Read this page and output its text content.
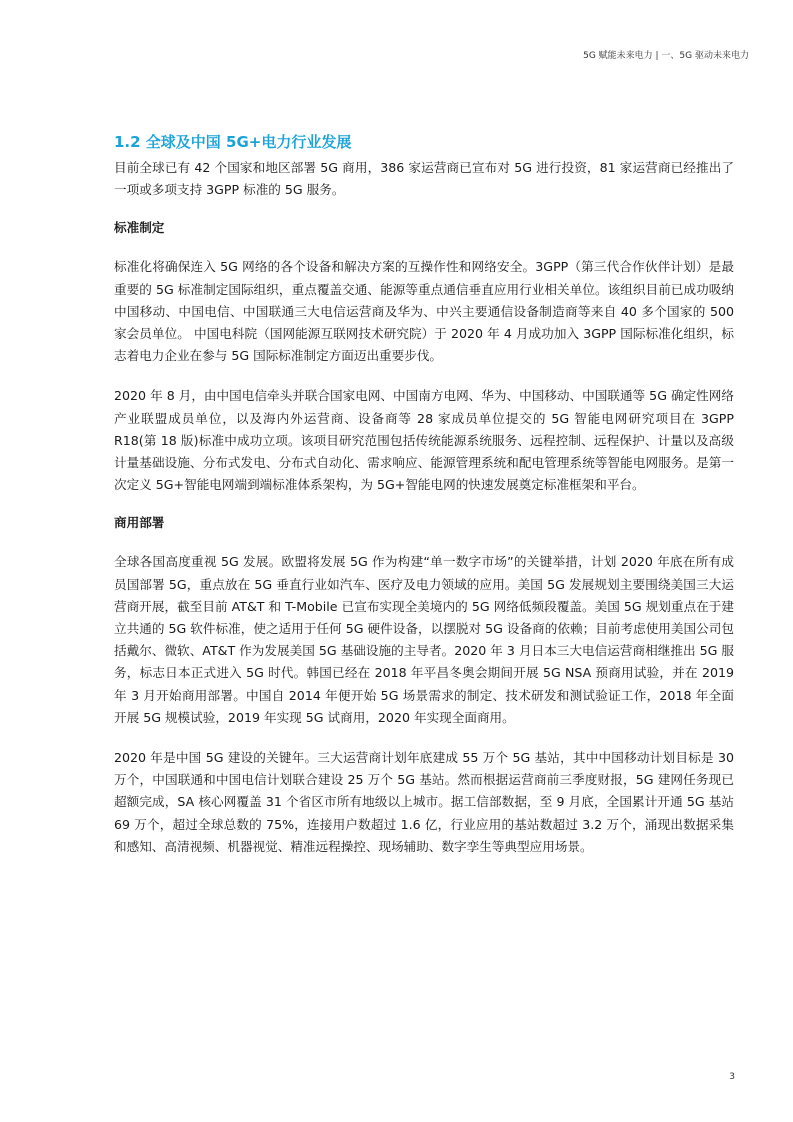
5G 赋能未来电力 | 一、5G 驱动未来电力
1.2 全球及中国 5G+电力行业发展

目前全球已有 42 个国家和地区部署 5G 商用，386 家运营商已宣布对 5G 进行投资，81 家运营商已经推出了一项或多项支持 3GPP 标准的 5G 服务。

标准制定

标准化将确保连入 5G 网络的各个设备和解决方案的互操作性和网络安全。3GPP（第三代合作伙伴计划）是最重要的 5G 标准制定国际组织，重点覆盖交通、能源等重点通信垂直应用行业相关单位。该组织目前已成功吸纳中国移动、中国电信、中国联通三大电信运营商及华为、中兴主要通信设备制造商等来自 40 多个国家的 500 家会员单位。 中国电科院（国网能源互联网技术研究院）于 2020 年 4 月成功加入 3GPP 国际标准化组织，标志着电力企业在参与 5G 国际标准制定方面迈出重要步伐。

2020 年 8 月，由中国电信牵头并联合国家电网、中国南方电网、华为、中国移动、中国联通等 5G 确定性网络产业联盟成员单位，以及海内外运营商、设备商等 28 家成员单位提交的 5G 智能电网研究项目在 3GPP R18(第 18 版)标准中成功立项。该项目研究范围包括传统能源系统服务、远程控制、远程保护、计量以及高级计量基础设施、分布式发电、分布式自动化、需求响应、能源管理系统和配电管理系统等智能电网服务。是第一次定义 5G+智能电网端到端标准体系架构，为 5G+智能电网的快速发展奠定标准框架和平台。

商用部署

全球各国高度重视 5G 发展。欧盟将发展 5G 作为构建“单一数字市场”的关键举措，计划 2020 年底在所有成员国部署 5G，重点放在 5G 垂直行业如汽车、医疗及电力领域的应用。美国 5G 发展规划主要围绕美国三大运营商开展，截至目前 AT&T 和 T-Mobile 已宣布实现全美境内的 5G 网络低频段覆盖。美国 5G 规划重点在于建立共通的 5G 软件标准，使之适用于任何 5G 硬件设备，以摆脱对 5G 设备商的依赖；目前考虑使用美国公司包括戴尔、微软、AT&T 作为发展美国 5G 基础设施的主导者。2020 年 3 月日本三大电信运营商相继推出 5G 服务，标志日本正式进入 5G 时代。韩国已经在 2018 年平昌冬奥会期间开展 5G NSA 预商用试验，并在 2019 年 3 月开始商用部署。中国自 2014 年便开始 5G 场景需求的制定、技术研发和测试验证工作，2018 年全面开展 5G 规模试验，2019 年实现 5G 试商用，2020 年实现全面商用。

2020 年是中国 5G 建设的关键年。三大运营商计划年底建成 55 万个 5G 基站，其中中国移动计划目标是 30 万个，中国联通和中国电信计划联合建设 25 万个 5G 基站。然而根据运营商前三季度财报，5G 建网任务现已超额完成，SA 核心网覆盖 31 个省区市所有地级以上城市。据工信部数据，至 9 月底，全国累计开通 5G 基站 69 万个，超过全球总数的 75%，连接用户数超过 1.6 亿，行业应用的基站数超过 3.2 万个，涌现出数据采集和感知、高清视频、机器视觉、精准远程操控、现场辅助、数字孪生等典型应用场景。

3
